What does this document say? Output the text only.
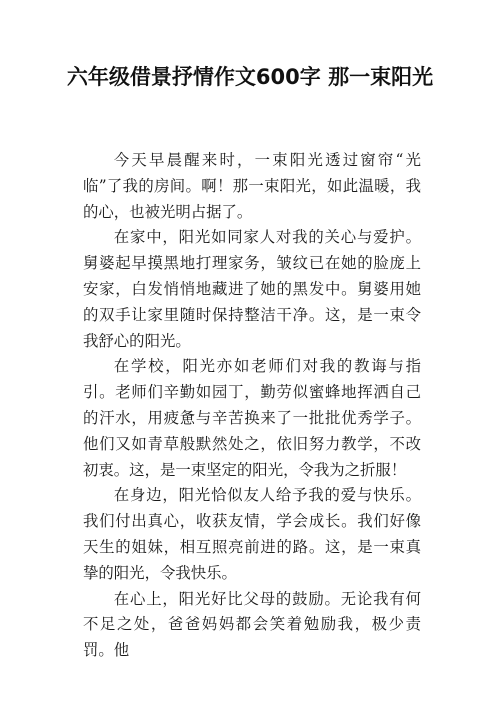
六年级借景抒情作文600字 那一束阳光

今天早晨醒来时，一束阳光透过窗帘“光临”了我的房间。啊！那一束阳光，如此温暖，我的心，也被光明占据了。

在家中，阳光如同家人对我的关心与爱护。舅婆起早摸黑地打理家务，皱纹已在她的脸庞上安家，白发悄悄地藏进了她的黑发中。舅婆用她的双手让家里随时保持整洁干净。这，是一束令我舒心的阳光。

在学校，阳光亦如老师们对我的教诲与指引。老师们辛勤如园丁，勤劳似蜜蜂地挥洒自己的汗水，用疲惫与辛苦换来了一批批优秀学子。他们又如青草般默然处之，依旧努力教学，不改初衷。这，是一束坚定的阳光，令我为之折服！

在身边，阳光恰似友人给予我的爱与快乐。我们付出真心，收获友情，学会成长。我们好像天生的姐妹，相互照亮前进的路。这，是一束真挚的阳光，令我快乐。

在心上，阳光好比父母的鼓励。无论我有何不足之处，爸爸妈妈都会笑着勉励我，极少责罚。他
